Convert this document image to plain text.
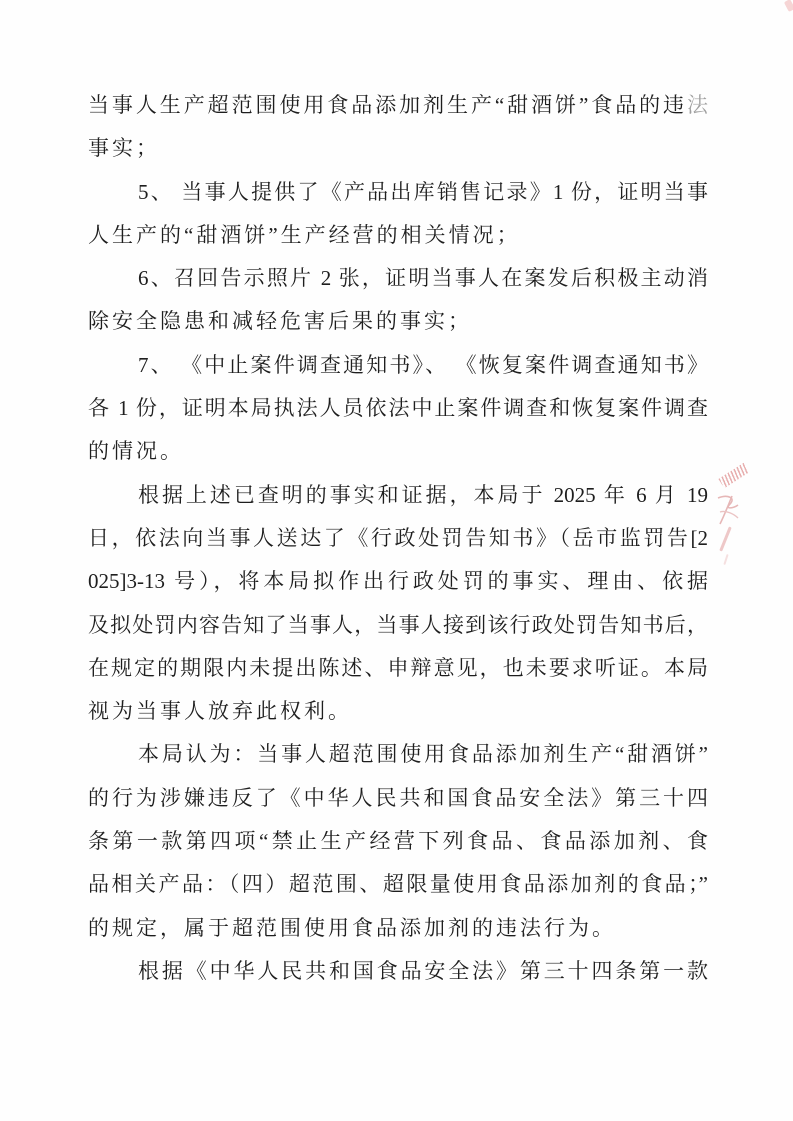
当事人生产超范围使用食品添加剂生产“甜酒饼”食品的违法
事实；
5、 当事人提供了《产品出库销售记录》1 份，证明当事
人生产的“甜酒饼”生产经营的相关情况；
6、召回告示照片 2 张，证明当事人在案发后积极主动消
除安全隐患和减轻危害后果的事实；
7、 《中止案件调查通知书》、 《恢复案件调查通知书》
各 1 份，证明本局执法人员依法中止案件调查和恢复案件调查
的情况。
根据上述已查明的事实和证据，本局于 2025 年 6 月 19
日，依法向当事人送达了《行政处罚告知书》（岳市监罚告[2
025]3-13 号），将本局拟作出行政处罚的事实、理由、依据
及拟处罚内容告知了当事人，当事人接到该行政处罚告知书后，
在规定的期限内未提出陈述、申辩意见，也未要求听证。本局
视为当事人放弃此权利。
本局认为：当事人超范围使用食品添加剂生产“甜酒饼”
的行为涉嫌违反了《中华人民共和国食品安全法》第三十四
条第一款第四项“禁止生产经营下列食品、食品添加剂、食
品相关产品：（四）超范围、超限量使用食品添加剂的食品；”
的规定，属于超范围使用食品添加剂的违法行为。
根据《中华人民共和国食品安全法》第三十四条第一款
